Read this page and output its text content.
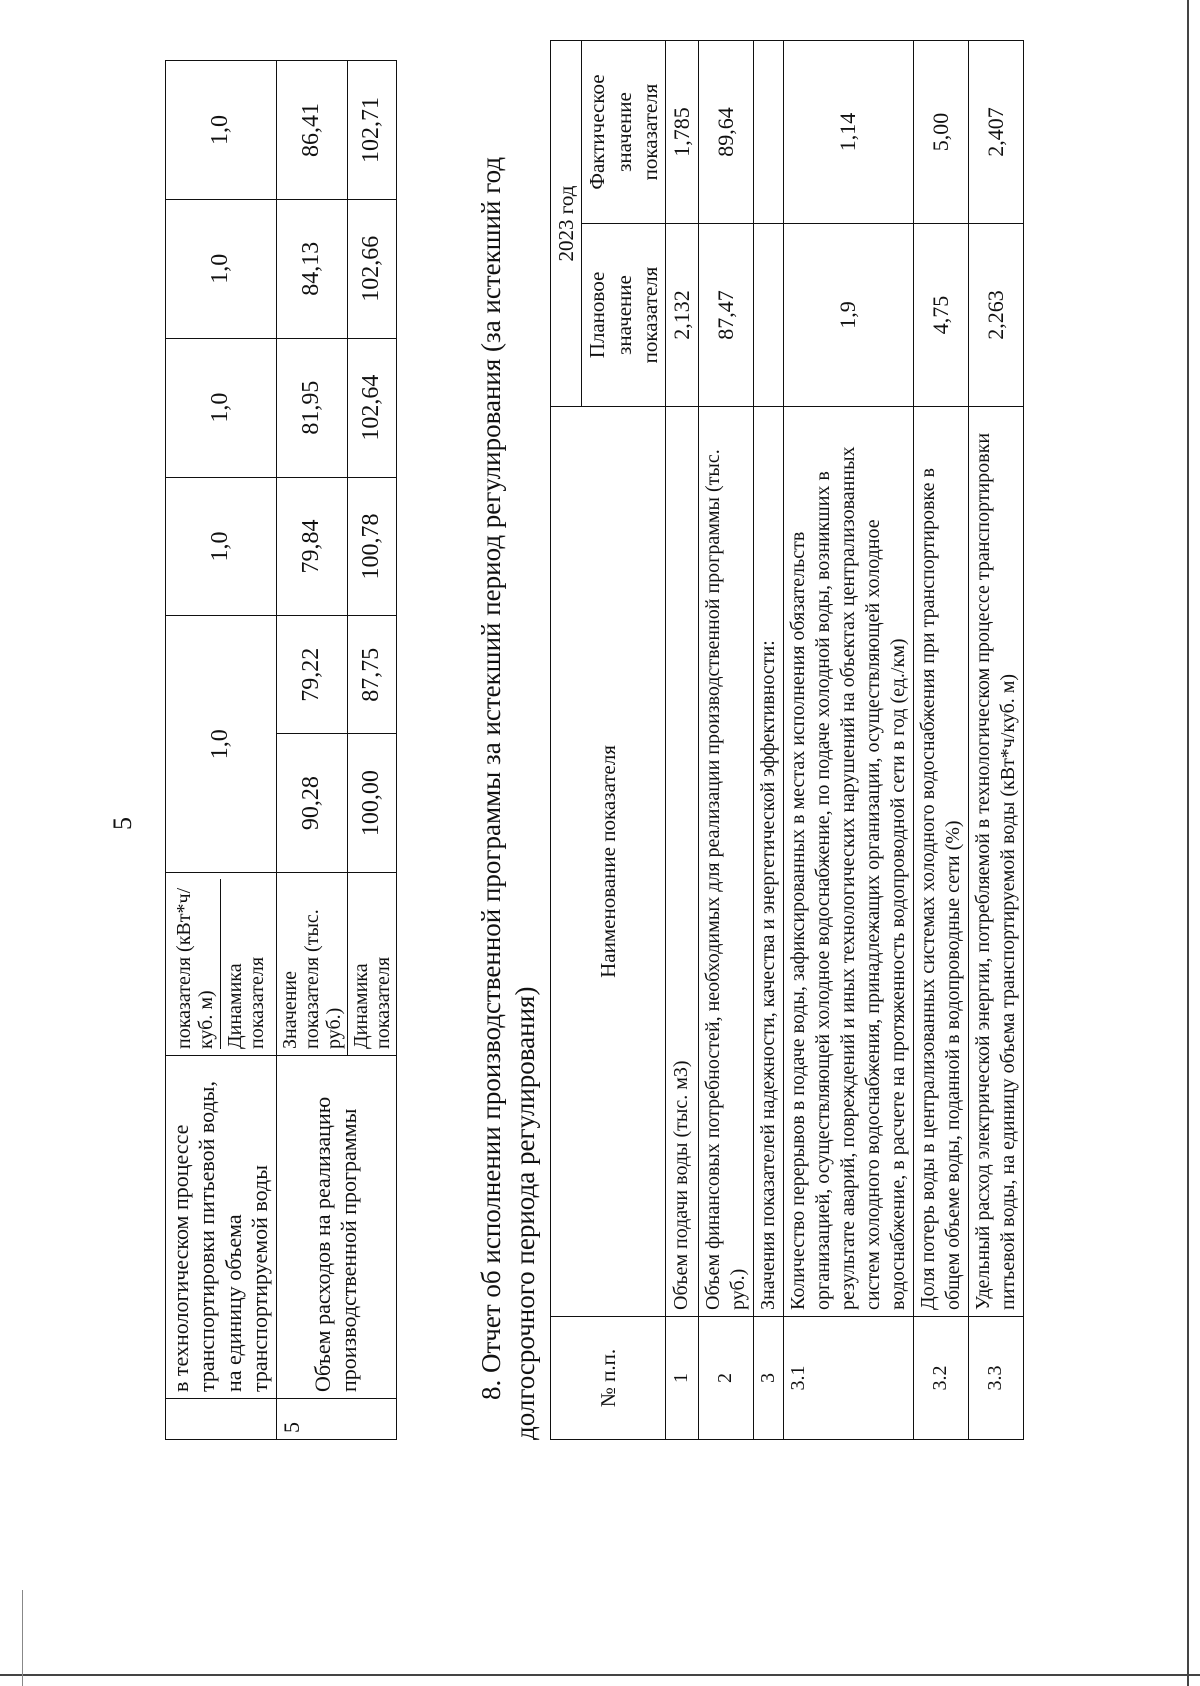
5
	в технологическом процессе транспортировки питьевой воды, на единицу объема транспортируемой воды	показателя (кВт*ч/куб. м) Динамика показателя	1,0		1,0	1,0	1,0	1,0
5	Объем расходов на реализацию производственной программы	Значение показателя (тыс. руб.)	90,28	79,22	79,84	81,95	84,13	86,41
		Динамика показателя	100,00	87,75	100,78	102,64	102,66	102,71
8. Отчет об исполнении производственной программы за истекший период регулирования (за истекший год долгосрочного периода регулирования)	№ п.п.	Наименование показателя	2023 год	
		Плановое значение показателя	Фактическое значение показателя
1	Объем подачи воды (тыс. м3)	2,132	1,785
2	Объем финансовых потребностей, необходимых для реализации производственной программы (тыс. руб.)	87,47	89,64
3	Значения показателей надежности, качества и энергетической эффективности:		
3.1	Количество перерывов в подаче воды, зафиксированных в местах исполнения обязательств организацией, осуществляющей холодное водоснабжение, по подаче холодной воды, возникших в результате аварий, повреждений и иных технологических нарушений на объектах централизованных систем холодного водоснабжения, принадлежащих организации, осуществляющей холодное водоснабжение, в расчете на протяженность водопроводной сети в год (ед./км)	1,9	1,14
3.2	Доля потерь воды в централизованных системах холодного водоснабжения при транспортировке в общем объеме воды, поданной в водопроводные сети (%)	4,75	5,00
3.3	Удельный расход электрической энергии, потребляемой в технологическом процессе транспортировки питьевой воды, на единицу объема транспортируемой воды (кВт*ч/куб. м)	2,263	2,407
